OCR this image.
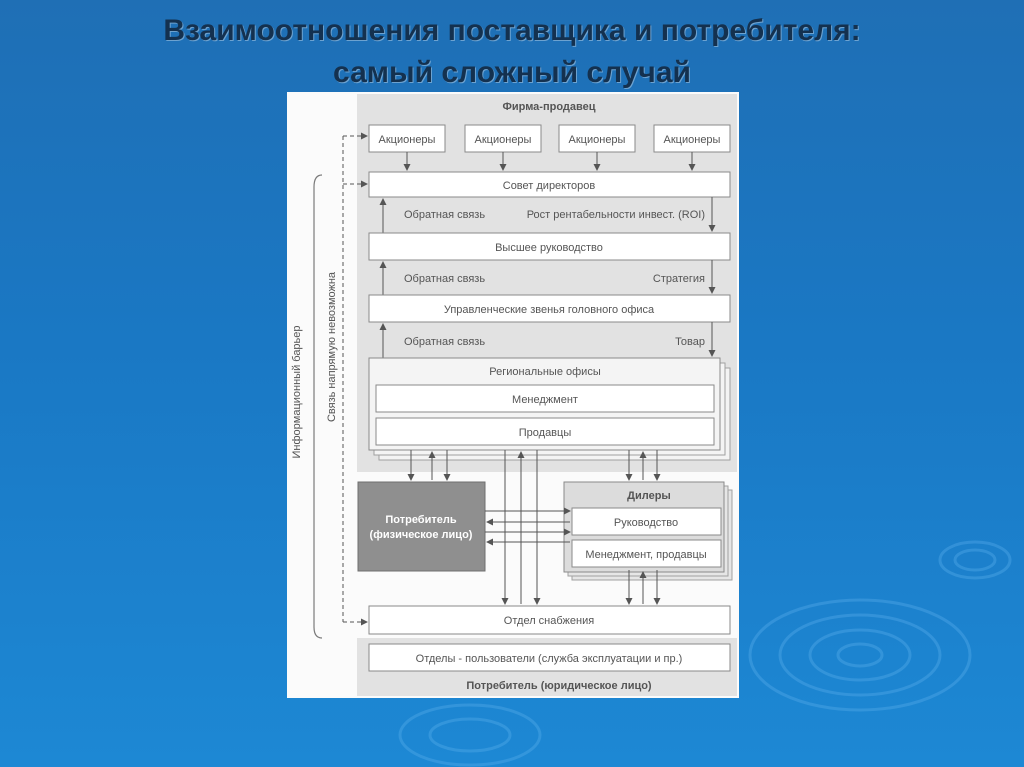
Взаимоотношения поставщика и потребителя:
самый сложный случай
Фирма-продавец
Акционеры	Акционеры	Акционеры	Акционеры
Совет директоров
Обратная связь	Рост рентабельности инвест. (ROI)
Высшее руководство
Обратная связь	Стратегия
Управленческие звенья головного офиса
Обратная связь	Товар
Региональные офисы
Менеджмент
Продавцы
Информационный барьер Связь напрямую невозможна
Потребитель
(физическое лицо)
Дилеры
Руководство
Менеджмент, продавцы
Отдел снабжения
Отделы - пользователи (служба эксплуатации и пр.)
Потребитель (юридическое лицо)
